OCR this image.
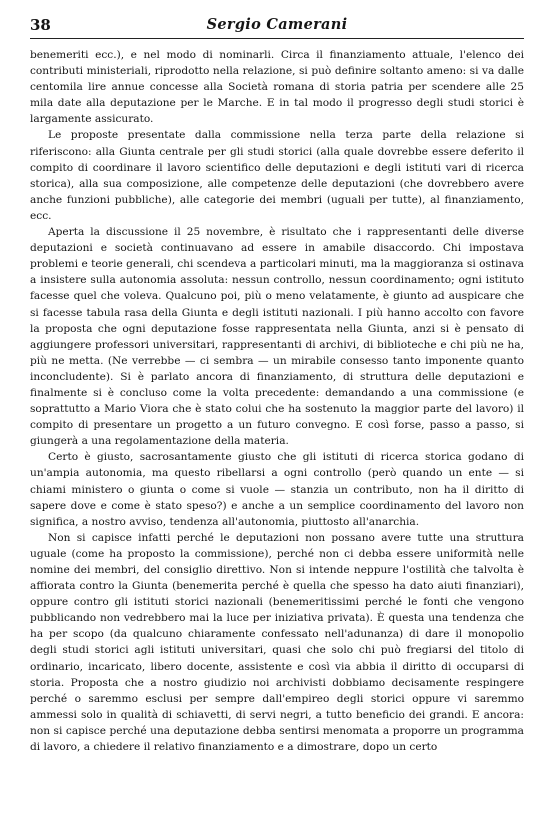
38	Sergio Camerani

benemeriti ecc.), e nel modo di nominarli. Circa il finanziamento attuale, l'elenco dei contributi ministeriali, riprodotto nella relazione, si può definire soltanto ameno: si va dalle centomila lire annue concesse alla Società romana di storia patria per scendere alle 25 mila date alla deputazione per le Marche. E in tal modo il progresso degli studi storici è largamente assicurato.

Le proposte presentate dalla commissione nella terza parte della relazione si riferiscono: alla Giunta centrale per gli studi storici (alla quale dovrebbe essere deferito il compito di coordinare il lavoro scientifico delle deputazioni e degli istituti vari di ricerca storica), alla sua composizione, alle competenze delle deputazioni (che dovrebbero avere anche funzioni pubbliche), alle categorie dei membri (uguali per tutte), al finanziamento, ecc.

Aperta la discussione il 25 novembre, è risultato che i rappresentanti delle diverse deputazioni e società continuavano ad essere in amabile disaccordo. Chi impostava problemi e teorie generali, chi scendeva a particolari minuti, ma la maggioranza si ostinava a insistere sulla autonomia assoluta: nessun controllo, nessun coordinamento; ogni istituto facesse quel che voleva. Qualcuno poi, più o meno velatamente, è giunto ad auspicare che si facesse tabula rasa della Giunta e degli istituti nazionali. I più hanno accolto con favore la proposta che ogni deputazione fosse rappresentata nella Giunta, anzi si è pensato di aggiungere professori universitari, rappresentanti di archivi, di biblioteche e chi più ne ha, più ne metta. (Ne verrebbe — ci sembra — un mirabile consesso tanto imponente quanto inconcludente). Si è parlato ancora di finanziamento, di struttura delle deputazioni e finalmente si è concluso come la volta precedente: demandando a una commissione (e soprattutto a Mario Viora che è stato colui che ha sostenuto la maggior parte del lavoro) il compito di presentare un progetto a un futuro convegno. E così forse, passo a passo, si giungerà a una regolamentazione della materia.

Certo è giusto, sacrosantamente giusto che gli istituti di ricerca storica godano di un'ampia autonomia, ma questo ribellarsi a ogni controllo (però quando un ente — si chiami ministero o giunta o come si vuole — stanzia un contributo, non ha il diritto di sapere dove e come è stato speso?) e anche a un semplice coordinamento del lavoro non significa, a nostro avviso, tendenza all'autonomia, piuttosto all'anarchia.

Non si capisce infatti perché le deputazioni non possano avere tutte una struttura uguale (come ha proposto la commissione), perché non ci debba essere uniformità nelle nomine dei membri, del consiglio direttivo. Non si intende neppure l'ostilità che talvolta è affiorata contro la Giunta (benemerita perché è quella che spesso ha dato aiuti finanziari), oppure contro gli istituti storici nazionali (benemeritissimi perché le fonti che vengono pubblicando non vedrebbero mai la luce per iniziativa privata). È questa una tendenza che ha per scopo (da qualcuno chiaramente confessato nell'adunanza) di dare il monopolio degli studi storici agli istituti universitari, quasi che solo chi può fregiarsi del titolo di ordinario, incaricato, libero docente, assistente e così via abbia il diritto di occuparsi di storia. Proposta che a nostro giudizio noi archivisti dobbiamo decisamente respingere perché o saremmo esclusi per sempre dall'empireo degli storici oppure vi saremmo ammessi solo in qualità di schiavetti, di servi negri, a tutto beneficio dei grandi. E ancora: non si capisce perché una deputazione debba sentirsi menomata a proporre un programma di lavoro, a chiedere il relativo finanziamento e a dimostrare, dopo un certo
